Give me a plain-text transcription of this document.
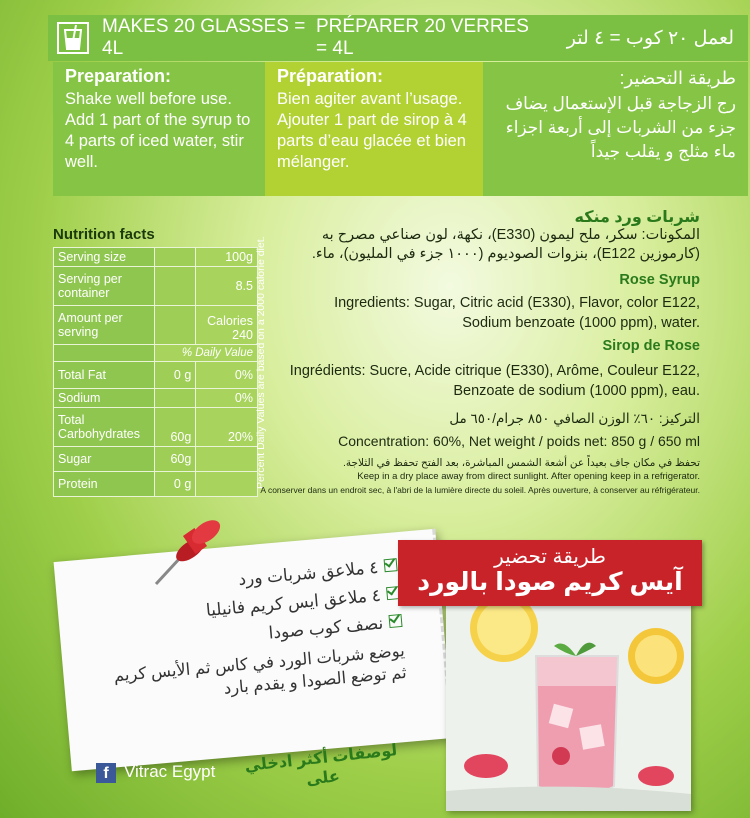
MAKES 20 GLASSES = 4L
PRÉPARER 20 VERRES = 4L	لعمل ٢٠ كوب = ٤ لتر
Preparation:
Shake well before use. Add 1 part of the syrup to 4 parts of iced water, stir well.
Préparation:
Bien agiter avant l’usage. Ajouter 1 part de sirop à 4 parts d’eau glacée et bien mélanger.
طريقة التحضير:
رج الزجاجة قبل الإستعمال يضاف جزء من الشربات إلى أربعة اجزاء ماء مثلج و يقلب جيداً
Nutrition facts
Serving size		100g
Serving per container		8.5
Amount per serving		Calories 240
	% Daily Value	
Total Fat	0 g	0%
Sodium		0%
Total Carbohydrates	60g	20%
Sugar	60g	
Protein	0 g		Percent Daily Values are based on a 2000 calorie diet.
شربات ورد منكه
المكونات: سكر، ملح ليمون (E330)، نكهة، لون صناعي مصرح به (كارموزين E122)، بنزوات الصوديوم (١٠٠٠ جزء في المليون)، ماء.
Rose Syrup
Ingredients: Sugar, Citric acid (E330), Flavor, color E122, Sodium benzoate (1000 ppm), water.
Sirop de Rose
Ingrédients: Sucre, Acide citrique (E330), Arôme, Couleur E122, Benzoate de sodium (1000 ppm), eau.
التركيز: ٦٠٪ الوزن الصافي ٨٥٠ جرام/٦٥٠ مل
Concentration: 60%, Net weight / poids net: 850 g / 650 ml
تحفظ في مكان جاف بعيداً عن أشعة الشمس المباشرة، بعد الفتح تحفظ في الثلاجة.
Keep in a dry place away from direct sunlight. After opening keep in a refrigerator.
A conserver dans un endroit sec, à l'abri de la lumière directe du soleil. Après ouverture, à conserver au réfrigérateur.
٤ ملاعق شربات ورد
٤ ملاعق ايس كريم فانيليا
نصف كوب صودا
يوضع شربات الورد في كاس ثم الأيس كريم ثم توضع الصودا و يقدم بارد
لوصفات أكثر ادخلي على
f Vitrac Egypt
طريقة تحضير
آيس كريم صودا بالورد
